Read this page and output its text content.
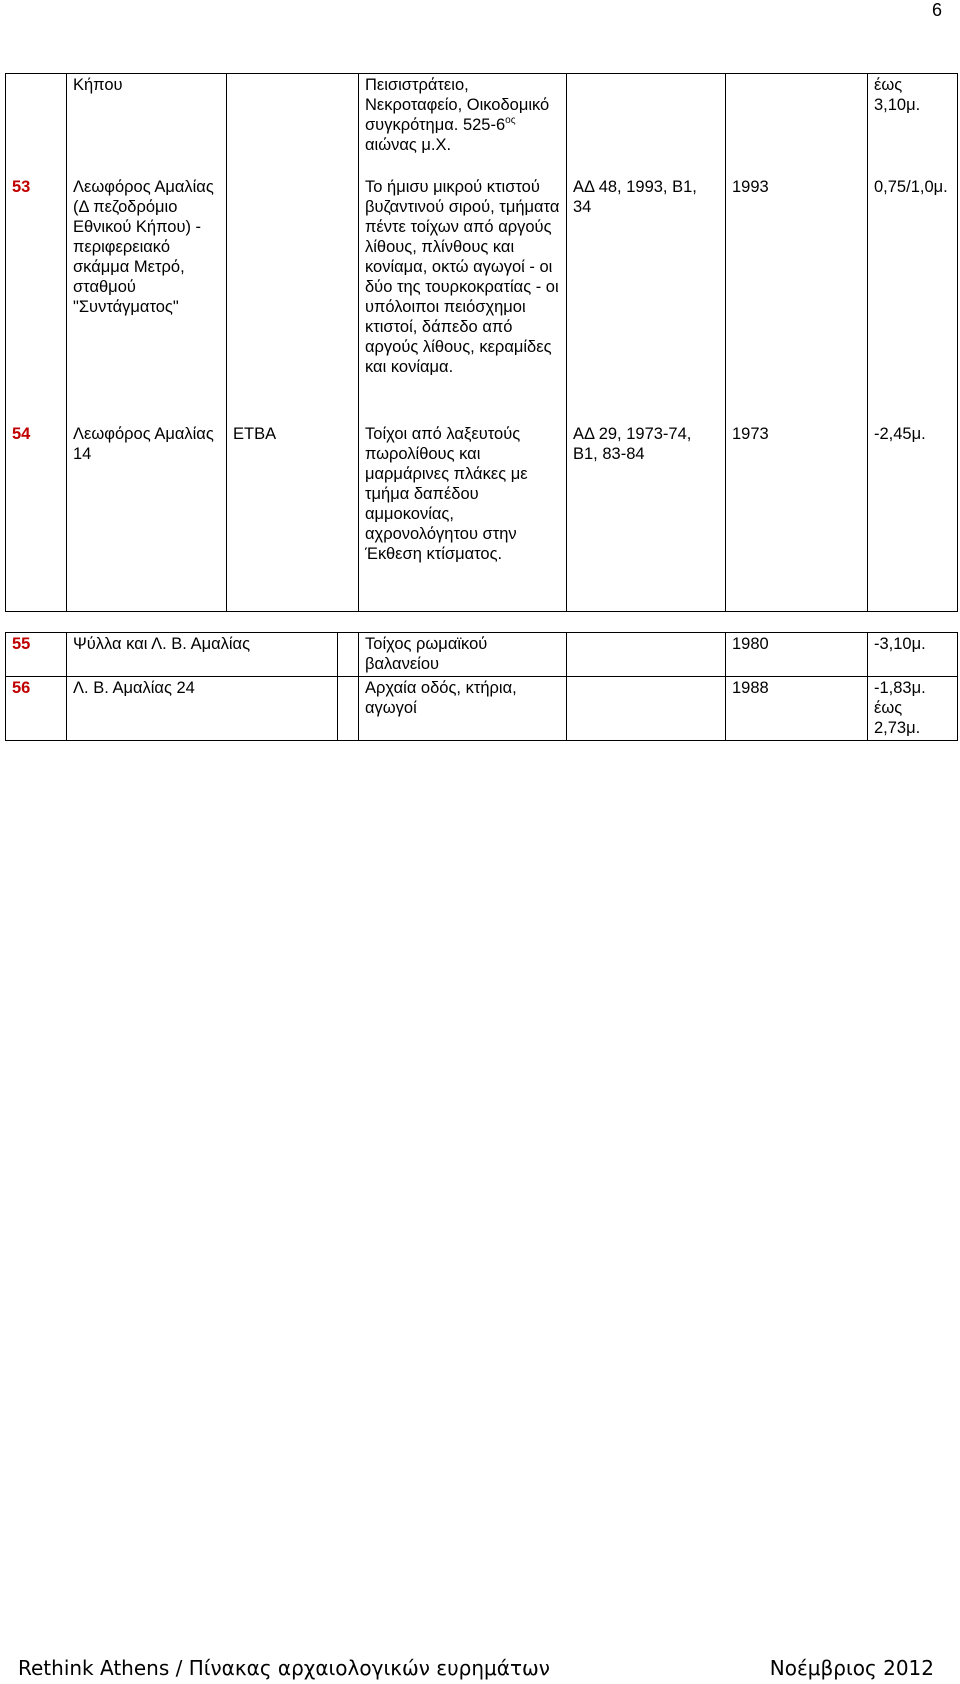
6
	Κήπου		Πεισιστράτειο, Νεκροταφείο, Οικοδομικό συγκρότημα. $525-6^{o\varsigma}$ αιώνας μ.Χ.			έως 3,10μ.
53	Λεωφόρος Αμαλίας (Δ πεζοδρόμιο Εθνικού Κήπου) - περιφερειακό σκάμμα Μετρό, σταθμού "Συντάγματος"		Το ήμισυ μικρού κτιστού βυζαντινού σιρού, τμήματα πέντε τοίχων από αργούς λίθους, πλίνθους και κονίαμα, οκτώ αγωγοί - οι δύο της τουρκοκρατίας - οι υπόλοιποι πειόσχημοι κτιστοί, δάπεδο από αργούς λίθους, κεραμίδες και κονίαμα.	ΑΔ 48, 1993, Β1, 34	1993	0,75/1,0μ.
54	Λεωφόρος Αμαλίας 14	ΕΤΒΑ	Τοίχοι από λαξευτούς πωρολίθους και μαρμάρινες πλάκες με τμήμα δαπέδου αμμοκονίας, αχρονολόγητου στην Έκθεση κτίσματος.	ΑΔ 29, 1973-74, Β1, 83-84	1973	-2,45μ.
55	Ψύλλα και Λ. Β. Αμαλίας		Τοίχος ρωμαϊκού βαλανείου		1980	-3,10μ.
56	Λ. Β. Αμαλίας 24		Αρχαία οδός, κτήρια, αγωγοί		1988	-1,83μ. έως 2,73μ.
Rethink Athens / Πίνακας αρχαιολογικών ευρημάτων	Νοέμβριος 2012
